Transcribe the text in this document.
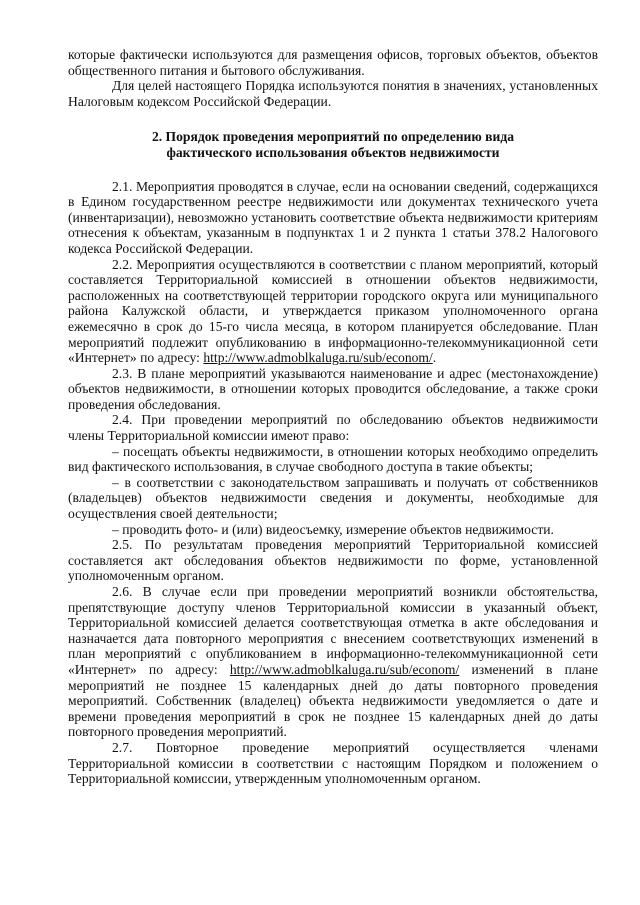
которые фактически используются для размещения офисов, торговых объектов, объектов общественного питания и бытового обслуживания.

Для целей настоящего Порядка используются понятия в значениях, установленных Налоговым кодексом Российской Федерации.

2. Порядок проведения мероприятий по определению вида
фактического использования объектов недвижимости

2.1. Мероприятия проводятся в случае, если на основании сведений, содержащихся в Едином государственном реестре недвижимости или документах технического учета (инвентаризации), невозможно установить соответствие объекта недвижимости критериям отнесения к объектам, указанным в подпунктах 1 и 2 пункта 1 статьи 378.2 Налогового кодекса Российской Федерации.

2.2. Мероприятия осуществляются в соответствии с планом мероприятий, который составляется Территориальной комиссией в отношении объектов недвижимости, расположенных на соответствующей территории городского округа или муниципального района Калужской области, и утверждается приказом уполномоченного органа ежемесячно в срок до 15-го числа месяца, в котором планируется обследование. План мероприятий подлежит опубликованию в информационно-телекоммуникационной сети «Интернет» по адресу: http://www.admoblkaluga.ru/sub/econom/.

2.3. В плане мероприятий указываются наименование и адрес (местонахождение) объектов недвижимости, в отношении которых проводится обследование, а также сроки проведения обследования.

2.4. При проведении мероприятий по обследованию объектов недвижимости члены Территориальной комиссии имеют право:

– посещать объекты недвижимости, в отношении которых необходимо определить вид фактического использования, в случае свободного доступа в такие объекты;

– в соответствии с законодательством запрашивать и получать от собственников (владельцев) объектов недвижимости сведения и документы, необходимые для осуществления своей деятельности;

– проводить фото- и (или) видеосъемку, измерение объектов недвижимости.

2.5. По результатам проведения мероприятий Территориальной комиссией составляется акт обследования объектов недвижимости по форме, установленной уполномоченным органом.

2.6. В случае если при проведении мероприятий возникли обстоятельства, препятствующие доступу членов Территориальной комиссии в указанный объект, Территориальной комиссией делается соответствующая отметка в акте обследования и назначается дата повторного мероприятия с внесением соответствующих изменений в план мероприятий с опубликованием в информационно-телекоммуникационной сети «Интернет» по адресу: http://www.admoblkaluga.ru/sub/econom/ изменений в плане мероприятий не позднее 15 календарных дней до даты повторного проведения мероприятий. Собственник (владелец) объекта недвижимости уведомляется о дате и времени проведения мероприятий в срок не позднее 15 календарных дней до даты повторного проведения мероприятий.

2.7. Повторное проведение мероприятий осуществляется членами Территориальной комиссии в соответствии с настоящим Порядком и положением о Территориальной комиссии, утвержденным уполномоченным органом.
